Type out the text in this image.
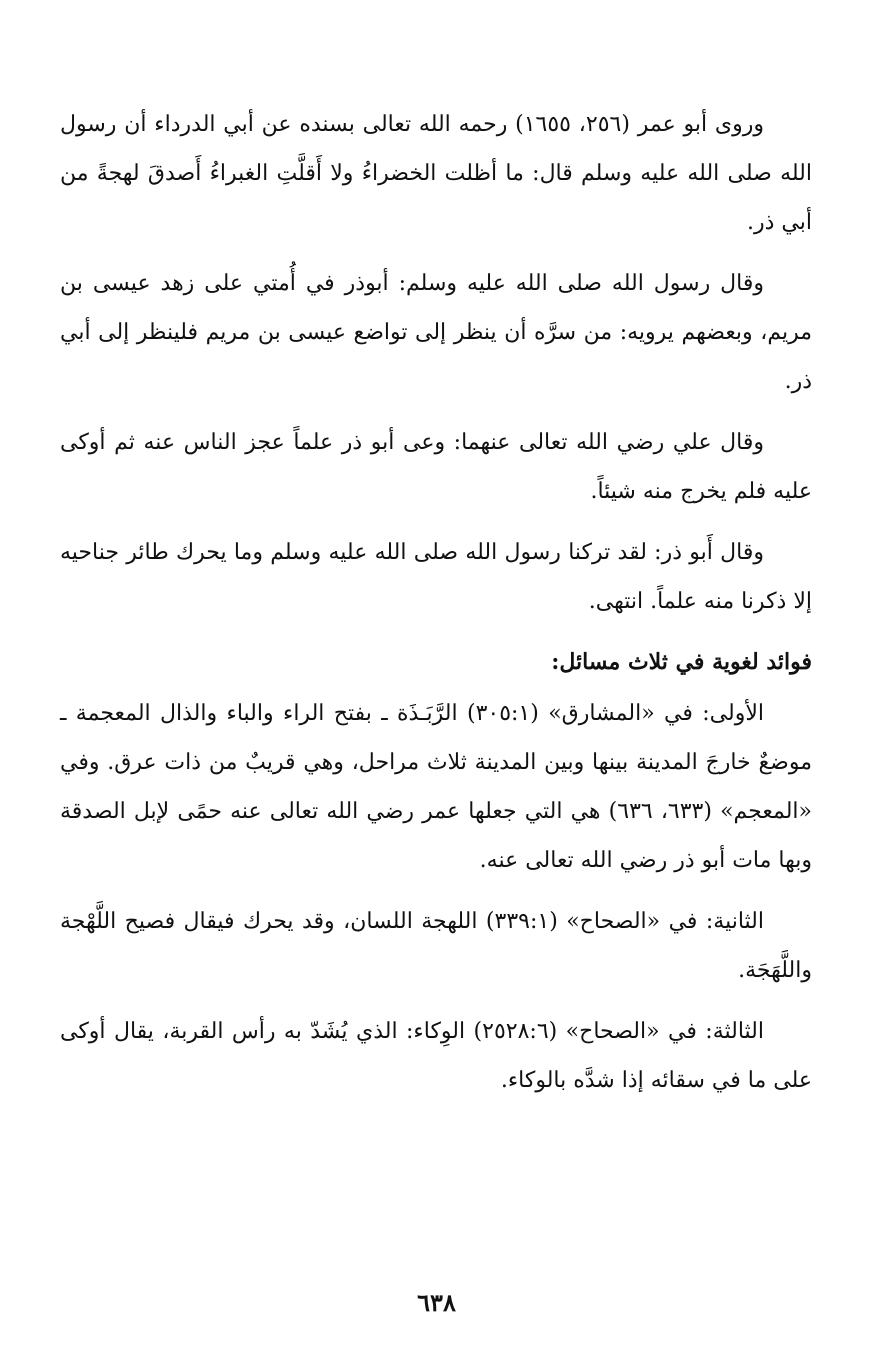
وروى أبو عمر (٢٥٦، ١٦٥٥) رحمه الله تعالى بسنده عن أبي الدرداء أن رسول الله صلى الله عليه وسلم قال: ما أظلت الخضراءُ ولا أَقلَّتِ الغبراءُ أَصدقَ لهجةً من أبي ذر.

وقال رسول الله صلى الله عليه وسلم: أبوذر في أُمتي على زهد عيسى بن مريم، وبعضهم يرويه: من سرَّه أن ينظر إلى تواضع عيسى بن مريم فلينظر إلى أبي ذر.

وقال علي رضي الله تعالى عنهما: وعى أبو ذر علماً عجز الناس عنه ثم أوكى عليه فلم يخرج منه شيئاً.

وقال أَبو ذر: لقد تركنا رسول الله صلى الله عليه وسلم وما يحرك طائر جناحيه إلا ذكرنا منه علماً. انتهى.

فوائد لغوية في ثلاث مسائل:

الأولى: في «المشارق» (٣٠٥:١) الرَّبَـذَة ـ بفتح الراء والباء والذال المعجمة ـ موضعٌ خارجَ المدينة بينها وبين المدينة ثلاث مراحل، وهي قريبٌ من ذات عرق. وفي «المعجم» (٦٣٣، ٦٣٦) هي التي جعلها عمر رضي الله تعالى عنه حمًى لإبل الصدقة وبها مات أبو ذر رضي الله تعالى عنه.

الثانية: في «الصحاح» (٣٣٩:١) اللهجة اللسان، وقد يحرك فيقال فصيح اللَّهْجة واللَّهَجَة.

الثالثة: في «الصحاح» (٢٥٢٨:٦) الوِكاء: الذي يُشَدّ به رأس القربة، يقال أوكى على ما في سقائه إذا شدَّه بالوكاء.

٦٣٨
